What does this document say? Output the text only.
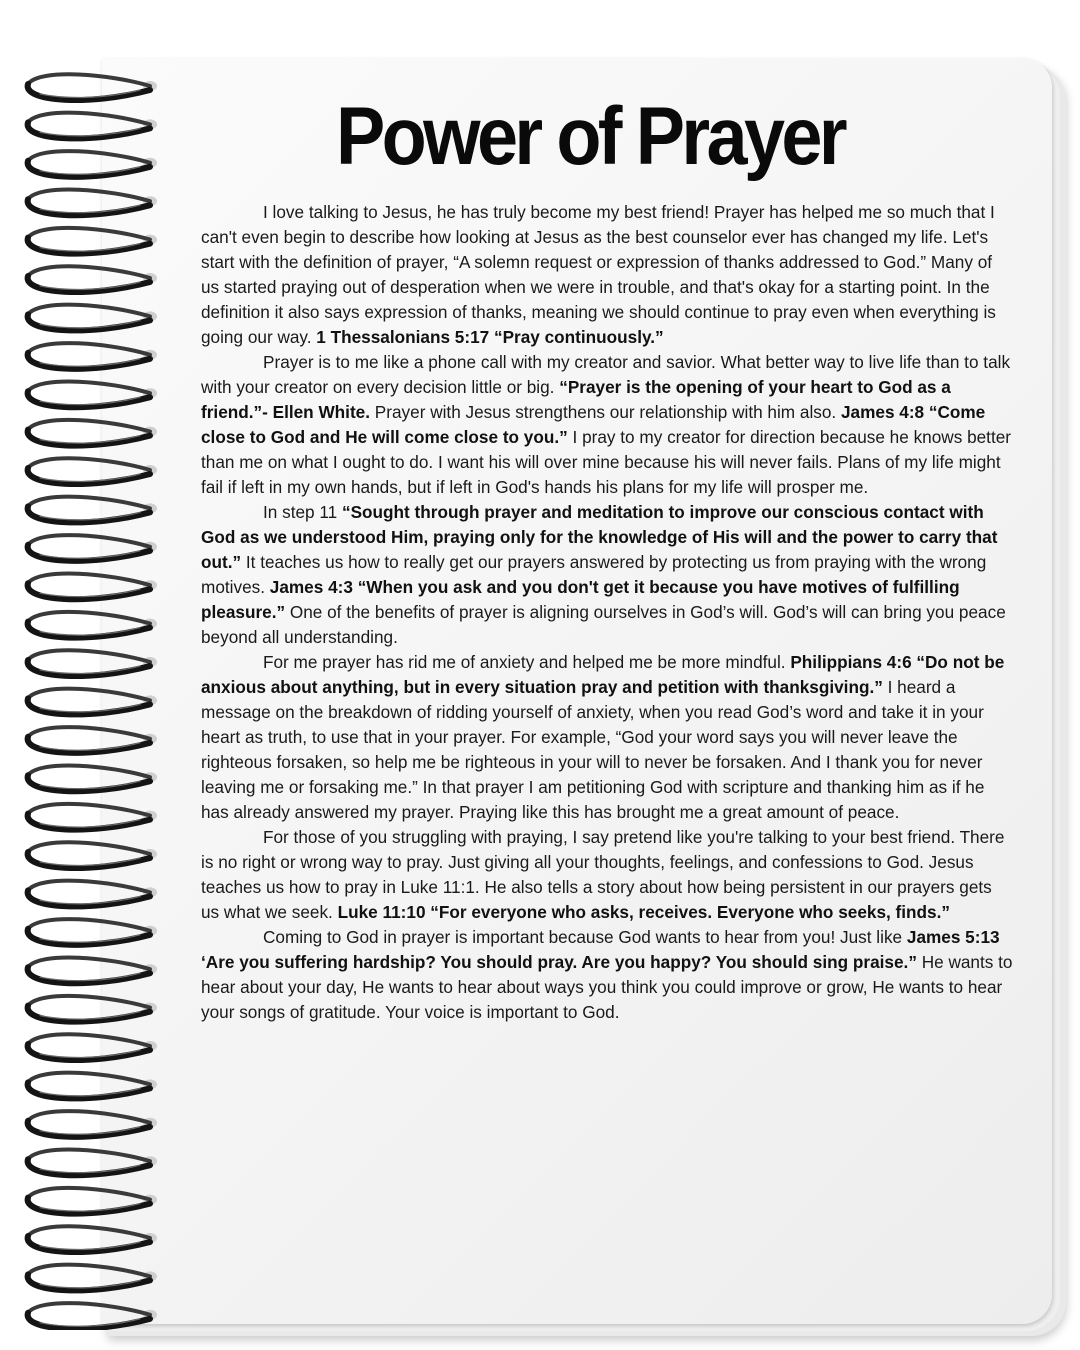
Power of Prayer

I love talking to Jesus, he has truly become my best friend! Prayer has helped me so much that I can't even begin to describe how looking at Jesus as the best counselor ever has changed my life. Let's start with the definition of prayer, “A solemn request or expression of thanks addressed to God.” Many of us started praying out of desperation when we were in trouble, and that's okay for a starting point. In the definition it also says expression of thanks, meaning we should continue to pray even when everything is going our way. 1 Thessalonians 5:17 “Pray continuously.”

Prayer is to me like a phone call with my creator and savior. What better way to live life than to talk with your creator on every decision little or big. “Prayer is the opening of your heart to God as a friend.”- Ellen White. Prayer with Jesus strengthens our relationship with him also. James 4:8 “Come close to God and He will come close to you.” I pray to my creator for direction because he knows better than me on what I ought to do. I want his will over mine because his will never fails. Plans of my life might fail if left in my own hands, but if left in God's hands his plans for my life will prosper me.

In step 11 “Sought through prayer and meditation to improve our conscious contact with God as we understood Him, praying only for the knowledge of His will and the power to carry that out.” It teaches us how to really get our prayers answered by protecting us from praying with the wrong motives. James 4:3 “When you ask and you don't get it because you have motives of fulfilling pleasure.” One of the benefits of prayer is aligning ourselves in God’s will. God’s will can bring you peace beyond all understanding.

For me prayer has rid me of anxiety and helped me be more mindful. Philippians 4:6 “Do not be anxious about anything, but in every situation pray and petition with thanksgiving.” I heard a message on the breakdown of ridding yourself of anxiety, when you read God’s word and take it in your heart as truth, to use that in your prayer. For example, “God your word says you will never leave the righteous forsaken, so help me be righteous in your will to never be forsaken. And I thank you for never leaving me or forsaking me.” In that prayer I am petitioning God with scripture and thanking him as if he has already answered my prayer. Praying like this has brought me a great amount of peace.

For those of you struggling with praying, I say pretend like you're talking to your best friend. There is no right or wrong way to pray. Just giving all your thoughts, feelings, and confessions to God. Jesus teaches us how to pray in Luke 11:1. He also tells a story about how being persistent in our prayers gets us what we seek. Luke 11:10 “For everyone who asks, receives. Everyone who seeks, finds.”

Coming to God in prayer is important because God wants to hear from you! Just like James 5:13 ‘Are you suffering hardship? You should pray. Are you happy? You should sing praise.” He wants to hear about your day, He wants to hear about ways you think you could improve or grow, He wants to hear your songs of gratitude. Your voice is important to God.
